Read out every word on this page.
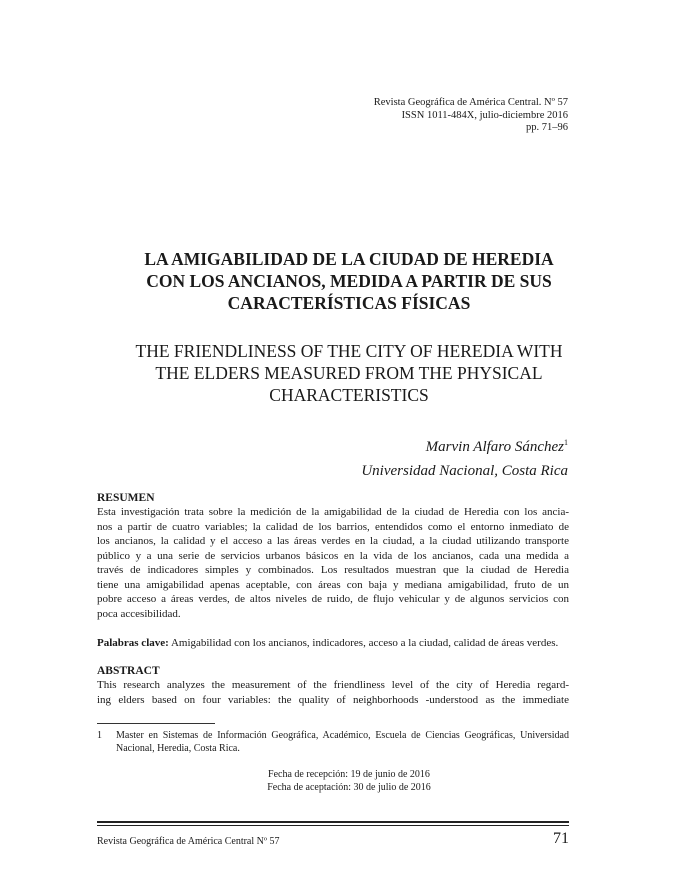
Revista Geográfica de América Central. Nº 57
ISSN 1011-484X, julio-diciembre 2016
pp. 71–96
LA AMIGABILIDAD DE LA CIUDAD DE HEREDIA
CON LOS ANCIANOS, MEDIDA A PARTIR DE SUS
CARACTERÍSTICAS FÍSICAS
THE FRIENDLINESS OF THE CITY OF HEREDIA WITH
THE ELDERS MEASURED FROM THE PHYSICAL
CHARACTERISTICS
Marvin Alfaro Sánchez$^1$
Universidad Nacional, Costa Rica
RESUMEN
Esta investigación trata sobre la medición de la amigabilidad de la ciudad de Heredia con los ancia-
nos a partir de cuatro variables; la calidad de los barrios, entendidos como el entorno inmediato de
los ancianos, la calidad y el acceso a las áreas verdes en la ciudad, a la ciudad utilizando transporte
público y a una serie de servicios urbanos básicos en la vida de los ancianos, cada una medida a
través de indicadores simples y combinados. Los resultados muestran que la ciudad de Heredia
tiene una amigabilidad apenas aceptable, con áreas con baja y mediana amigabilidad, fruto de un
pobre acceso a áreas verdes, de altos niveles de ruido, de flujo vehicular y de algunos servicios con
poca accesibilidad.
Palabras clave: Amigabilidad con los ancianos, indicadores, acceso a la ciudad, calidad de áreas verdes.
ABSTRACT
This research analyzes the measurement of the friendliness level of the city of Heredia regard-
ing elders based on four variables: the quality of neighborhoods -understood as the immediate
1	Master en Sistemas de Información Geográfica, Académico, Escuela de Ciencias Geográficas, Universidad
Nacional, Heredia, Costa Rica.
Fecha de recepción: 19 de junio de 2016
Fecha de aceptación: 30 de julio de 2016
Revista Geográfica de América Central Nº 57	71
